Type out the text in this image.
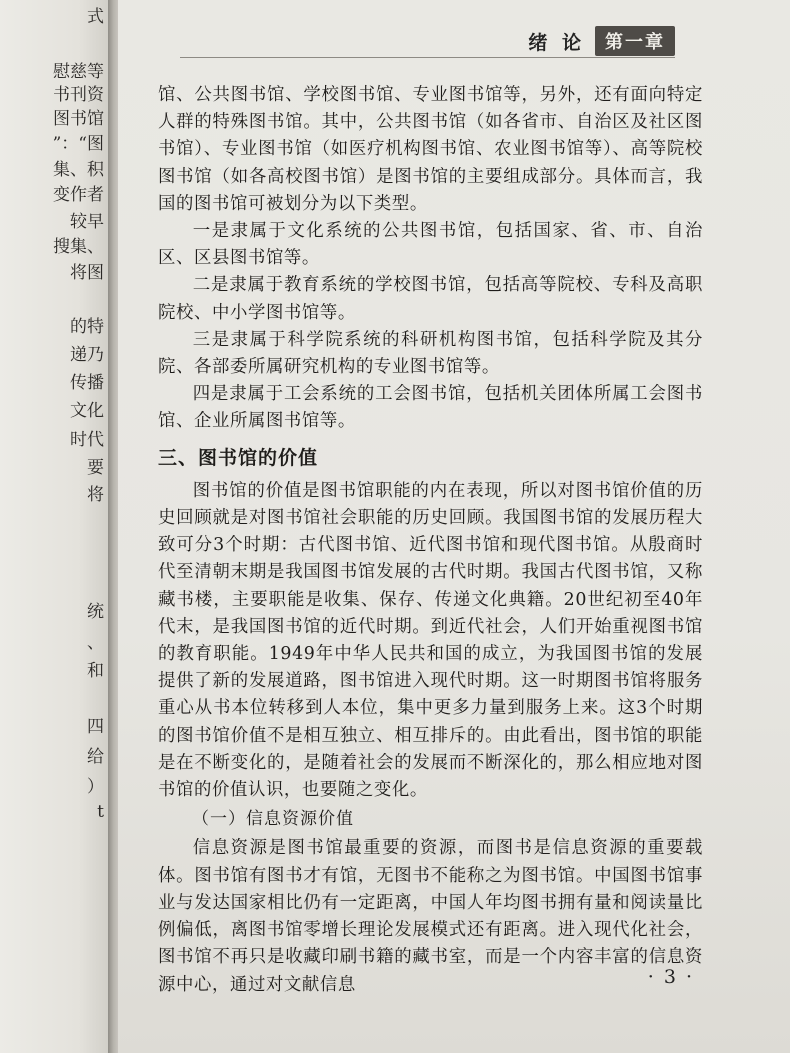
式
慰慈等
书刊资
图书馆
”：“图
集、积
变作者
较早
搜集、
将图
的特
递乃
传播
文化
时代
要
将
统
、
和
四
给
）
t
绪 论	第一章

馆、公共图书馆、学校图书馆、专业图书馆等，另外，还有面向特定人群的特殊图书馆。其中，公共图书馆（如各省市、自治区及社区图书馆）、专业图书馆（如医疗机构图书馆、农业图书馆等）、高等院校图书馆（如各高校图书馆）是图书馆的主要组成部分。具体而言，我国的图书馆可被划分为以下类型。

一是隶属于文化系统的公共图书馆，包括国家、省、市、自治区、区县图书馆等。

二是隶属于教育系统的学校图书馆，包括高等院校、专科及高职院校、中小学图书馆等。

三是隶属于科学院系统的科研机构图书馆，包括科学院及其分院、各部委所属研究机构的专业图书馆等。

四是隶属于工会系统的工会图书馆，包括机关团体所属工会图书馆、企业所属图书馆等。

三、图书馆的价值

图书馆的价值是图书馆职能的内在表现，所以对图书馆价值的历史回顾就是对图书馆社会职能的历史回顾。我国图书馆的发展历程大致可分3个时期：古代图书馆、近代图书馆和现代图书馆。从殷商时代至清朝末期是我国图书馆发展的古代时期。我国古代图书馆，又称藏书楼，主要职能是收集、保存、传递文化典籍。20世纪初至40年代末，是我国图书馆的近代时期。到近代社会，人们开始重视图书馆的教育职能。1949年中华人民共和国的成立，为我国图书馆的发展提供了新的发展道路，图书馆进入现代时期。这一时期图书馆将服务重心从书本位转移到人本位，集中更多力量到服务上来。这3个时期的图书馆价值不是相互独立、相互排斥的。由此看出，图书馆的职能是在不断变化的，是随着社会的发展而不断深化的，那么相应地对图书馆的价值认识，也要随之变化。

（一）信息资源价值

信息资源是图书馆最重要的资源，而图书是信息资源的重要载体。图书馆有图书才有馆，无图书不能称之为图书馆。中国图书馆事业与发达国家相比仍有一定距离，中国人年均图书拥有量和阅读量比例偏低，离图书馆零增长理论发展模式还有距离。进入现代化社会，图书馆不再只是收藏印刷书籍的藏书室，而是一个内容丰富的信息资源中心，通过对文献信息	· 3 ·
